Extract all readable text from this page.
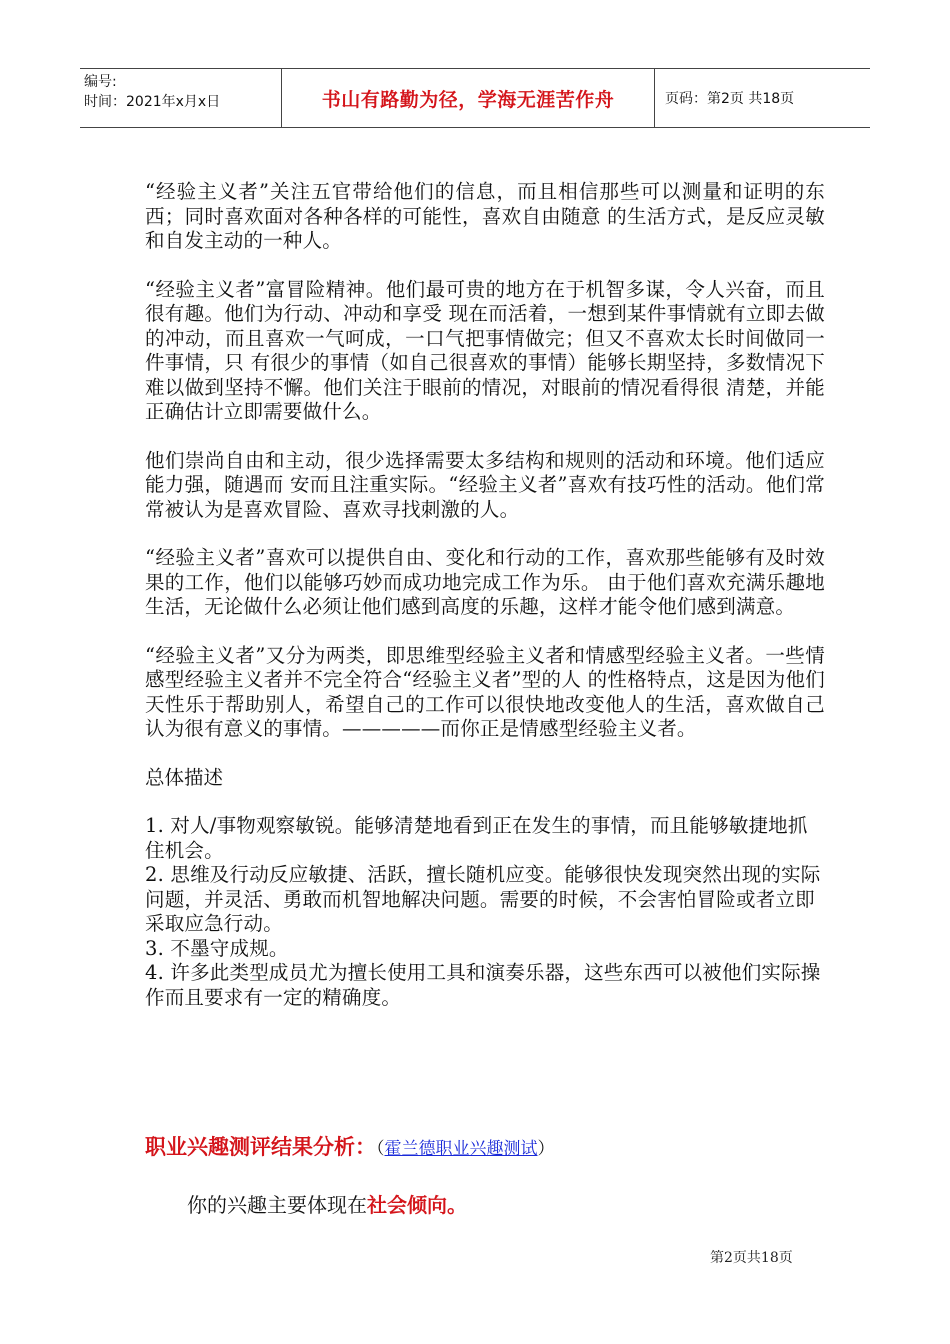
编号:
时间：2021年x月x日	书山有路勤为径，学海无涯苦作舟	页码：第2页 共18页

“经验主义者”关注五官带给他们的信息，而且相信那些可以测量和证明的东西；同时喜欢面对各种各样的可能性，喜欢自由随意 的生活方式，是反应灵敏和自发主动的一种人。

“经验主义者”富冒险精神。他们最可贵的地方在于机智多谋，令人兴奋，而且很有趣。他们为行动、冲动和享受 现在而活着，一想到某件事情就有立即去做的冲动，而且喜欢一气呵成，一口气把事情做完；但又不喜欢太长时间做同一件事情，只 有很少的事情（如自己很喜欢的事情）能够长期坚持，多数情况下难以做到坚持不懈。他们关注于眼前的情况，对眼前的情况看得很 清楚，并能正确估计立即需要做什么。

他们崇尚自由和主动，很少选择需要太多结构和规则的活动和环境。他们适应能力强，随遇而 安而且注重实际。“经验主义者”喜欢有技巧性的活动。他们常常被认为是喜欢冒险、喜欢寻找刺激的人。

“经验主义者”喜欢可以提供自由、变化和行动的工作，喜欢那些能够有及时效果的工作，他们以能够巧妙而成功地完成工作为乐。 由于他们喜欢充满乐趣地生活，无论做什么必须让他们感到高度的乐趣，这样才能令他们感到满意。

“经验主义者”又分为两类，即思维型经验主义者和情感型经验主义者。一些情感型经验主义者并不完全符合“经验主义者”型的人 的性格特点，这是因为他们天性乐于帮助别人，希望自己的工作可以很快地改变他人的生活，喜欢做自己认为很有意义的事情。—————而你正是情感型经验主义者。

总体描述
1. 对人/事物观察敏锐。能够清楚地看到正在发生的事情，而且能够敏捷地抓住机会。
2. 思维及行动反应敏捷、活跃，擅长随机应变。能够很快发现突然出现的实际问题，并灵活、勇敢而机智地解决问题。需要的时候，不会害怕冒险或者立即采取应急行动。
3. 不墨守成规。
4. 许多此类型成员尤为擅长使用工具和演奏乐器，这些东西可以被他们实际操作而且要求有一定的精确度。
职业兴趣测评结果分析：（霍兰德职业兴趣测试）
你的兴趣主要体现在社会倾向。
第2页共18页
